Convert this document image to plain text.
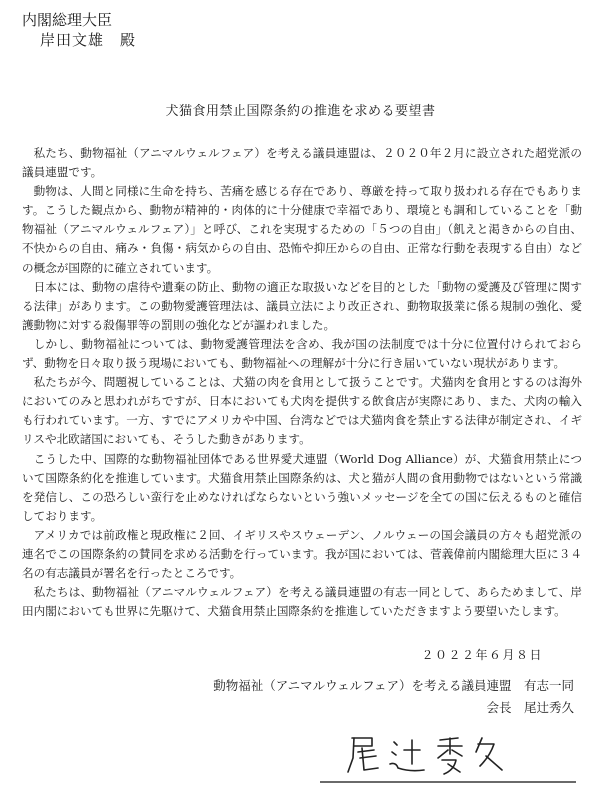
内閣総理大臣
岸田文雄　殿
犬猫食用禁止国際条約の推進を求める要望書

私たち、動物福祉（アニマルウェルフェア）を考える議員連盟は、２０２０年２月に設立された超党派の議員連盟です。

動物は、人間と同様に生命を持ち、苦痛を感じる存在であり、尊厳を持って取り扱われる存在でもあります。こうした観点から、動物が精神的・肉体的に十分健康で幸福であり、環境とも調和していることを「動物福祉（アニマルウェルフェア）」と呼び、これを実現するための「５つの自由」（飢えと渇きからの自由、不快からの自由、痛み・負傷・病気からの自由、恐怖や抑圧からの自由、正常な行動を表現する自由）などの概念が国際的に確立されています。

日本には、動物の虐待や遺棄の防止、動物の適正な取扱いなどを目的とした「動物の愛護及び管理に関する法律」があります。この動物愛護管理法は、議員立法により改正され、動物取扱業に係る規制の強化、愛護動物に対する殺傷罪等の罰則の強化などが謳われました。

しかし、動物福祉については、動物愛護管理法を含め、我が国の法制度では十分に位置付けられておらず、動物を日々取り扱う現場においても、動物福祉への理解が十分に行き届いていない現状があります。

私たちが今、問題視していることは、犬猫の肉を食用として扱うことです。犬猫肉を食用とするのは海外においてのみと思われがちですが、日本においても犬肉を提供する飲食店が実際にあり、また、犬肉の輸入も行われています。一方、すでにアメリカや中国、台湾などでは犬猫肉食を禁止する法律が制定され、イギリスや北欧諸国においても、そうした動きがあります。

こうした中、国際的な動物福祉団体である世界愛犬連盟（World Dog Alliance）が、犬猫食用禁止について国際条約化を推進しています。犬猫食用禁止国際条約は、犬と猫が人間の食用動物ではないという常識を発信し、この恐ろしい蛮行を止めなければならないという強いメッセージを全ての国に伝えるものと確信しております。

アメリカでは前政権と現政権に２回、イギリスやスウェーデン、ノルウェーの国会議員の方々も超党派の連名でこの国際条約の賛同を求める活動を行っています。我が国においては、菅義偉前内閣総理大臣に３４名の有志議員が署名を行ったところです。

私たちは、動物福祉（アニマルウェルフェア）を考える議員連盟の有志一同として、あらためまして、岸田内閣においても世界に先駆けて、犬猫食用禁止国際条約を推進していただきますよう要望いたします。

２０２２年６月８日
動物福祉（アニマルウェルフェア）を考える議員連盟　有志一同
会長　尾辻秀久
